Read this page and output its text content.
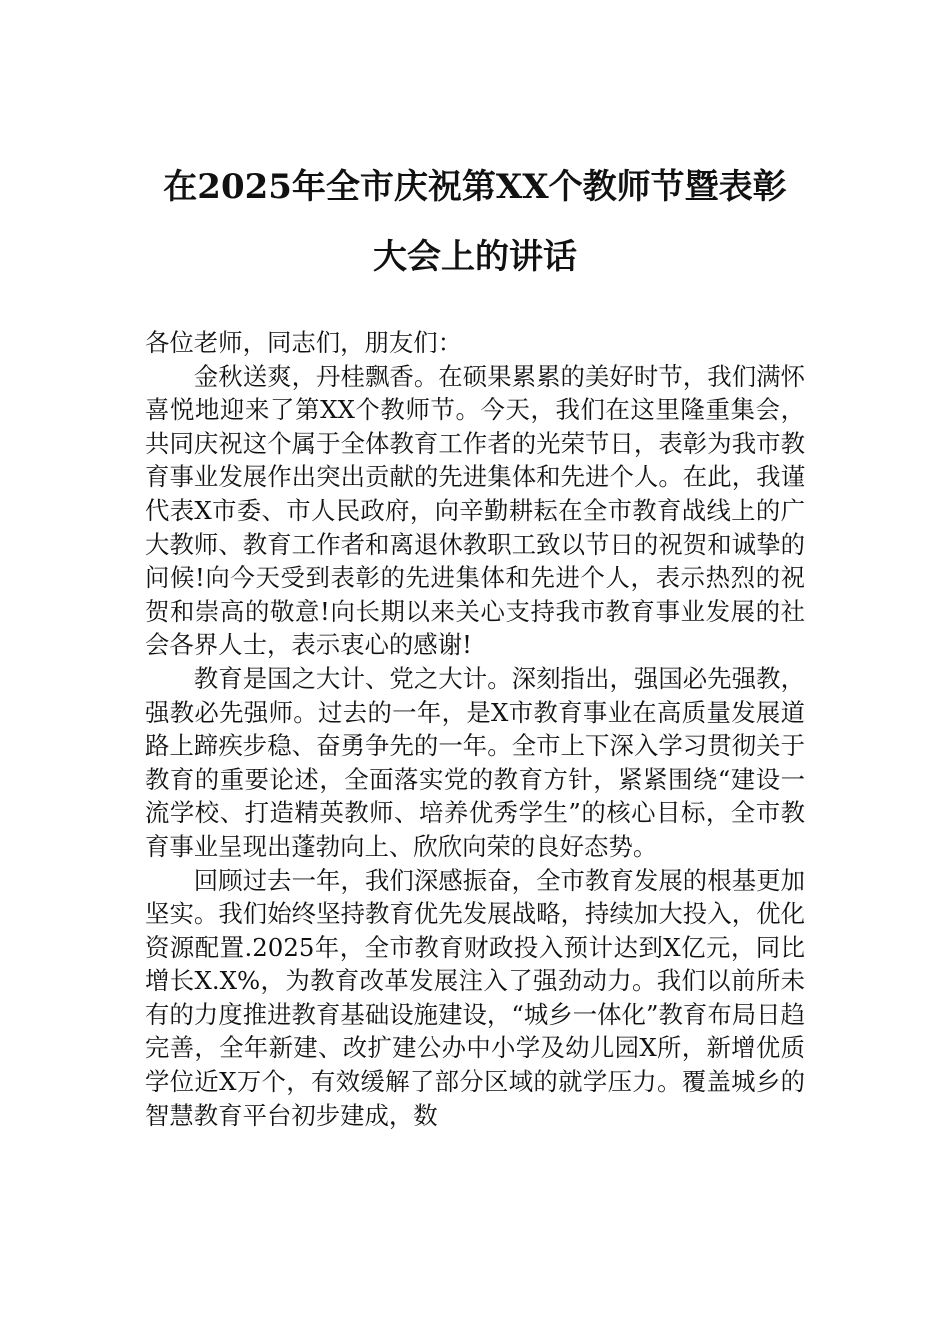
在2025年全市庆祝第XX个教师节暨表彰
大会上的讲话

各位老师，同志们，朋友们：

金秋送爽，丹桂飘香。在硕果累累的美好时节，我们满怀喜悦地迎来了第XX个教师节。今天，我们在这里隆重集会，共同庆祝这个属于全体教育工作者的光荣节日，表彰为我市教育事业发展作出突出贡献的先进集体和先进个人。在此，我谨代表X市委、市人民政府，向辛勤耕耘在全市教育战线上的广大教师、教育工作者和离退休教职工致以节日的祝贺和诚挚的问候!向今天受到表彰的先进集体和先进个人，表示热烈的祝贺和崇高的敬意!向长期以来关心支持我市教育事业发展的社会各界人士，表示衷心的感谢!

教育是国之大计、党之大计。深刻指出，强国必先强教，强教必先强师。过去的一年，是X市教育事业在高质量发展道路上蹄疾步稳、奋勇争先的一年。全市上下深入学习贯彻关于教育的重要论述，全面落实党的教育方针，紧紧围绕“建设一流学校、打造精英教师、培养优秀学生”的核心目标，全市教育事业呈现出蓬勃向上、欣欣向荣的良好态势。

回顾过去一年，我们深感振奋，全市教育发展的根基更加坚实。我们始终坚持教育优先发展战略，持续加大投入，优化资源配置.2025年，全市教育财政投入预计达到X亿元，同比增长X.X%，为教育改革发展注入了强劲动力。我们以前所未有的力度推进教育基础设施建设，“城乡一体化”教育布局日趋完善，全年新建、改扩建公办中小学及幼儿园X所，新增优质学位近X万个，有效缓解了部分区域的就学压力。覆盖城乡的智慧教育平台初步建成，数
